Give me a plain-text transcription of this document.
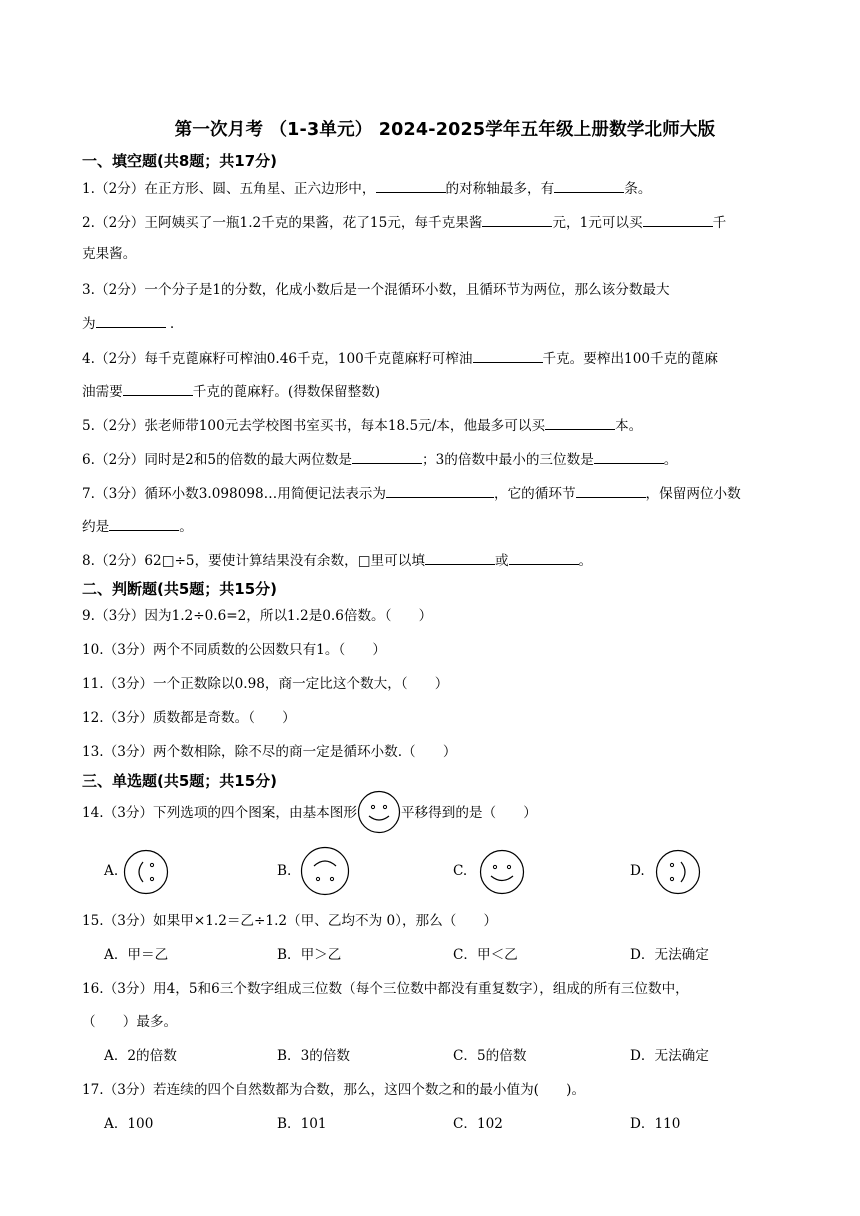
第一次月考 （1-3单元） 2024-2025学年五年级上册数学北师大版
一、填空题(共8题；共17分)
1.（2分）在正方形、圆、五角星、正六边形中，	的对称轴最多，有	条。
2.（2分）王阿姨买了一瓶1.2千克的果酱，花了15元，每千克果酱	元，1元可以买	千
克果酱。
3.（2分）一个分子是1的分数，化成小数后是一个混循环小数，且循环节为两位，那么该分数最大
为	.
4.（2分）每千克蓖麻籽可榨油0.46千克，100千克蓖麻籽可榨油	千克。要榨出100千克的蓖麻
油需要	千克的蓖麻籽。(得数保留整数)
5.（2分）张老师带100元去学校图书室买书，每本18.5元/本，他最多可以买	本。
6.（2分）同时是2和5的倍数的最大两位数是	；3的倍数中最小的三位数是	。
7.（3分）循环小数3.098098…用简便记法表示为	，它的循环节	，保留两位小数
约是	。
8.（2分）62□÷5，要使计算结果没有余数，□里可以填	或	。
二、判断题(共5题；共15分)
9.（3分）因为1.2÷0.6=2，所以1.2是0.6倍数。（　　）
10.（3分）两个不同质数的公因数只有1。（　　）
11.（3分）一个正数除以0.98，商一定比这个数大，（　　）
12.（3分）质数都是奇数。（　　）
13.（3分）两个数相除，除不尽的商一定是循环小数.（　　）
三、单选题(共5题；共15分)
14.（3分）下列选项的四个图案，由基本图形	平移得到的是（　　）
A.	B.	C.	D.
15.（3分）如果甲×1.2＝乙÷1.2（甲、乙均不为 0），那么（　　）
A．甲＝乙	B．甲＞乙	C．甲＜乙	D．无法确定
16.（3分）用4，5和6三个数字组成三位数（每个三位数中都没有重复数字），组成的所有三位数中，
（　　）最多。
A．2的倍数	B．3的倍数	C．5的倍数	D．无法确定
17.（3分）若连续的四个自然数都为合数，那么，这四个数之和的最小值为(　　)。
A．100	B．101	C．102	D．110
